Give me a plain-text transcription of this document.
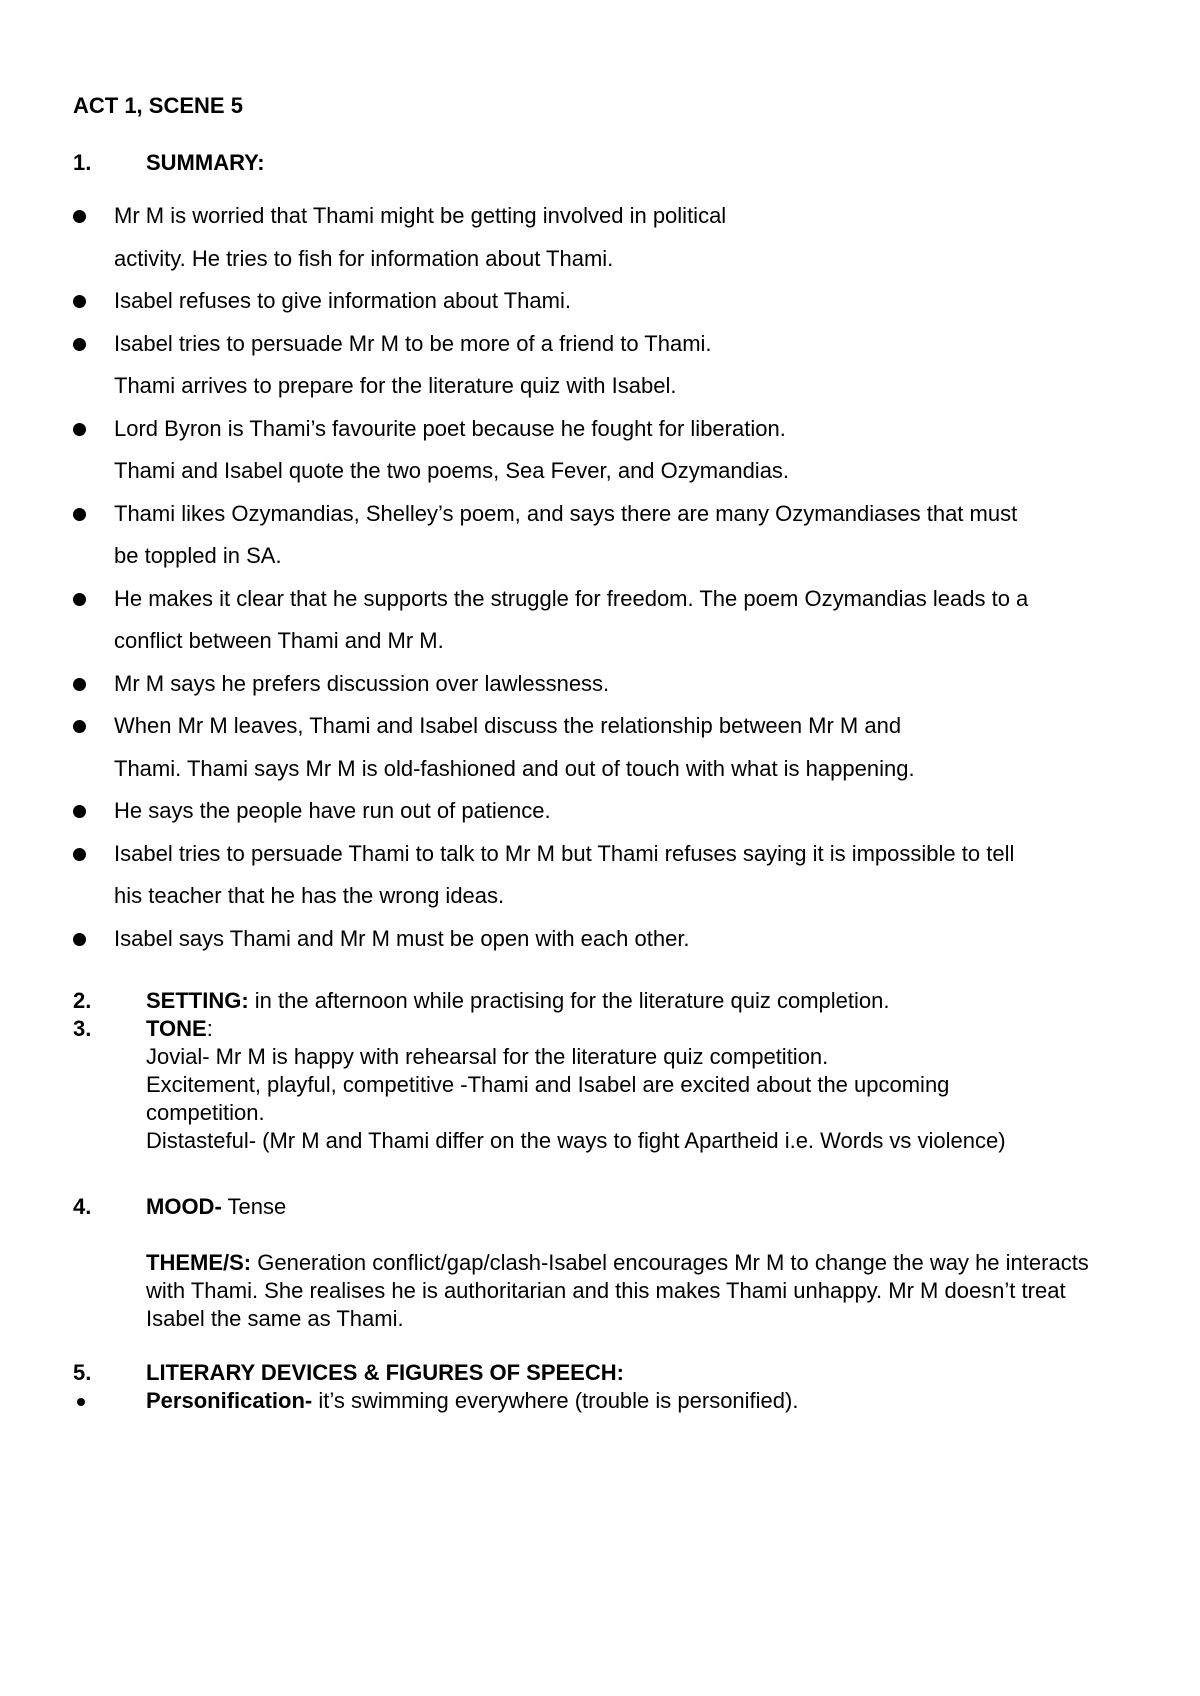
ACT 1, SCENE 5
1. SUMMARY:
Mr M is worried that Thami might be getting involved in political
activity. He tries to fish for information about Thami.
Isabel refuses to give information about Thami.
Isabel tries to persuade Mr M to be more of a friend to Thami.
Thami arrives to prepare for the literature quiz with Isabel.
Lord Byron is Thami’s favourite poet because he fought for liberation.
Thami and Isabel quote the two poems, Sea Fever, and Ozymandias.
Thami likes Ozymandias, Shelley’s poem, and says there are many Ozymandiases that must
be toppled in SA.
He makes it clear that he supports the struggle for freedom. The poem Ozymandias leads to a
conflict between Thami and Mr M.
Mr M says he prefers discussion over lawlessness.
When Mr M leaves, Thami and Isabel discuss the relationship between Mr M and
Thami. Thami says Mr M is old-fashioned and out of touch with what is happening.
He says the people have run out of patience.
Isabel tries to persuade Thami to talk to Mr M but Thami refuses saying it is impossible to tell
his teacher that he has the wrong ideas.
Isabel says Thami and Mr M must be open with each other.
2. SETTING: in the afternoon while practising for the literature quiz completion.
3. TONE:
Jovial- Mr M is happy with rehearsal for the literature quiz competition.
Excitement, playful, competitive -Thami and Isabel are excited about the upcoming competition.
Distasteful- (Mr M and Thami differ on the ways to fight Apartheid i.e. Words vs violence)
4. MOOD- Tense
THEME/S: Generation conflict/gap/clash-Isabel encourages Mr M to change the way he interacts with Thami. She realises he is authoritarian and this makes Thami unhappy. Mr M doesn’t treat Isabel the same as Thami.
5. LITERARY DEVICES & FIGURES OF SPEECH:
Personification- it’s swimming everywhere (trouble is personified).
